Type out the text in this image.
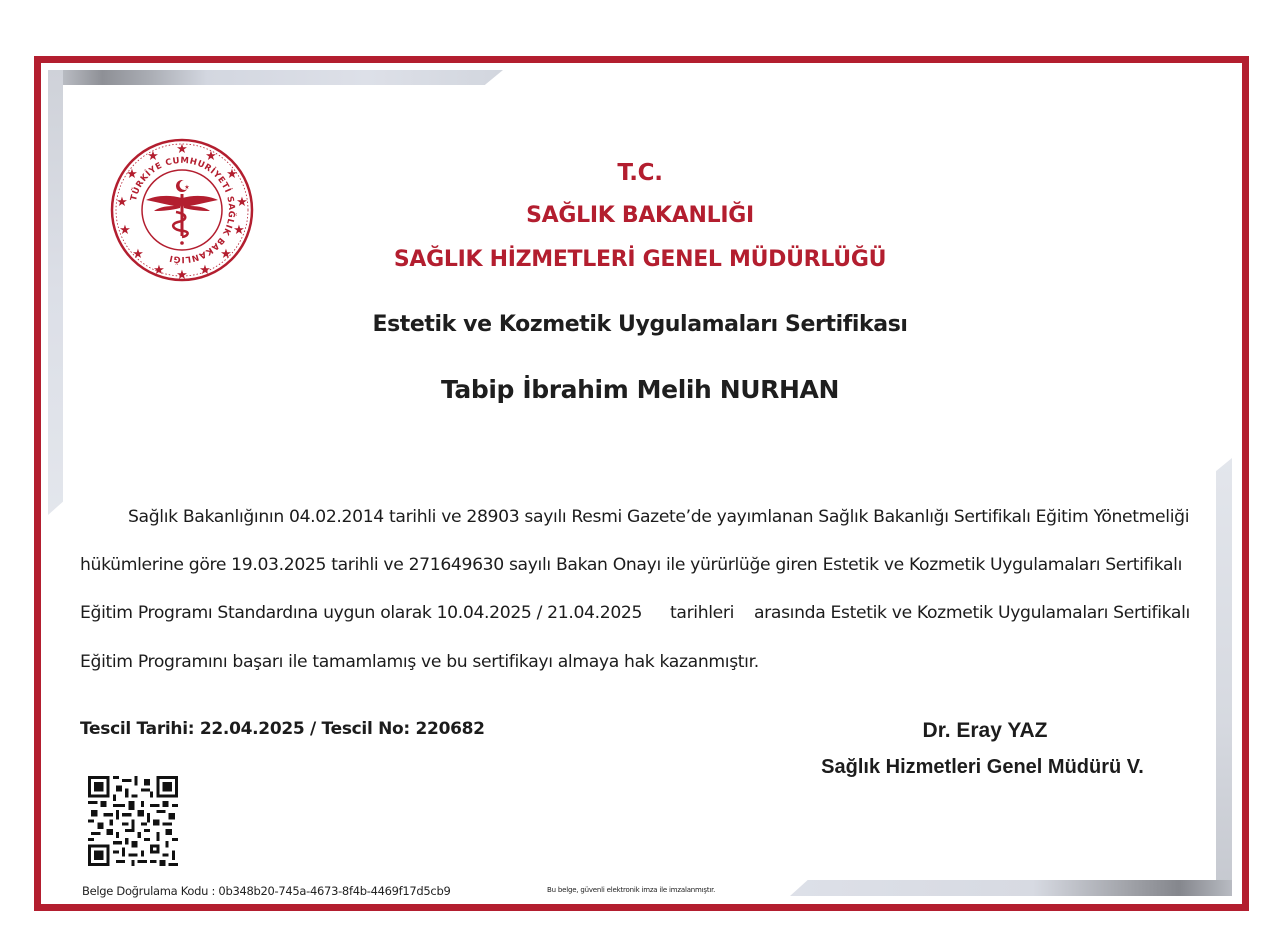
★ ★
★
★
★
★
★
★
★
★
★
★
★
★
TÜRKİYE CUMHURİYETİ SAĞLIK BAKANLIĞI
★
T.C.
SAĞLIK BAKANLIĞI
SAĞLIK HİZMETLERİ GENEL MÜDÜRLÜĞÜ
Estetik ve Kozmetik Uygulamaları Sertifikası
Tabip İbrahim Melih NURHAN
Sağlık Bakanlığının 04.02.2014 tarihli ve 28903 sayılı Resmi Gazete’de yayımlanan Sağlık Bakanlığı Sertifikalı Eğitim Yönetmeliği
hükümlerine göre 19.03.2025 tarihli ve 271649630 sayılı Bakan Onayı ile yürürlüğe giren Estetik ve Kozmetik Uygulamaları Sertifikalı
Eğitim Programı Standardına uygun olarak 10.04.2025 / 21.04.2025 tarihleri arasında Estetik ve Kozmetik Uygulamaları Sertifikalı
Eğitim Programını başarı ile tamamlamış ve bu sertifikayı almaya hak kazanmıştır.
Tescil Tarihi: 22.04.2025 / Tescil No: 220682	Dr. Eray YAZ
Sağlık Hizmetleri Genel Müdürü V.
Belge Doğrulama Kodu : 0b348b20-745a-4673-8f4b-4469f17d5cb9	Bu belge, güvenli elektronik imza ile imzalanmıştır.
